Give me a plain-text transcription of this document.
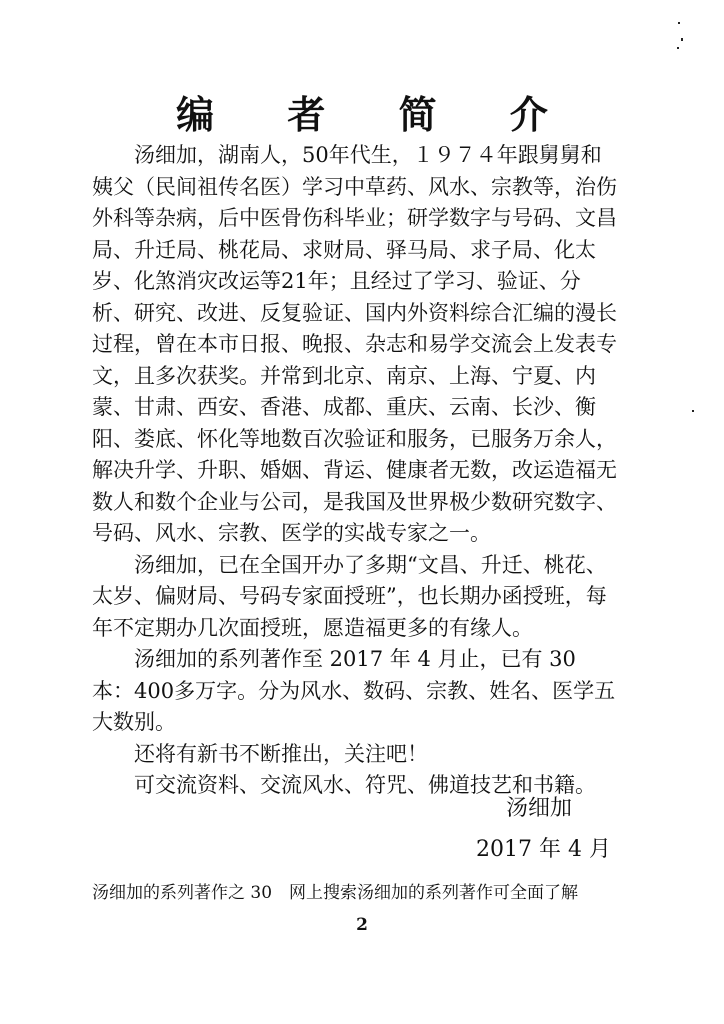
编 者 简 介

汤细加，湖南人，50年代生，１９７４年跟舅舅和姨父（民间祖传名医）学习中草药、风水、宗教等，治伤外科等杂病，后中医骨伤科毕业；研学数字与号码、文昌局、升迁局、桃花局、求财局、驿马局、求子局、化太岁、化煞消灾改运等21年；且经过了学习、验证、分析、研究、改进、反复验证、国内外资料综合汇编的漫长过程，曾在本市日报、晚报、杂志和易学交流会上发表专文，且多次获奖。并常到北京、南京、上海、宁夏、内蒙、甘肃、西安、香港、成都、重庆、云南、长沙、衡阳、娄底、怀化等地数百次验证和服务，已服务万余人，解决升学、升职、婚姻、背运、健康者无数，改运造福无数人和数个企业与公司，是我国及世界极少数研究数字、号码、风水、宗教、医学的实战专家之一。

汤细加，已在全国开办了多期“文昌、升迁、桃花、太岁、偏财局、号码专家面授班”，也长期办函授班，每年不定期办几次面授班，愿造福更多的有缘人。

汤细加的系列著作至 2017 年 4 月止，已有 30 本：400多万字。分为风水、数码、宗教、姓名、医学五大数别。

还将有新书不断推出，关注吧！

可交流资料、交流风水、符咒、佛道技艺和书籍。

汤细加
2017 年 4 月
汤细加的系列著作之 30　网上搜索汤细加的系列著作可全面了解
2
